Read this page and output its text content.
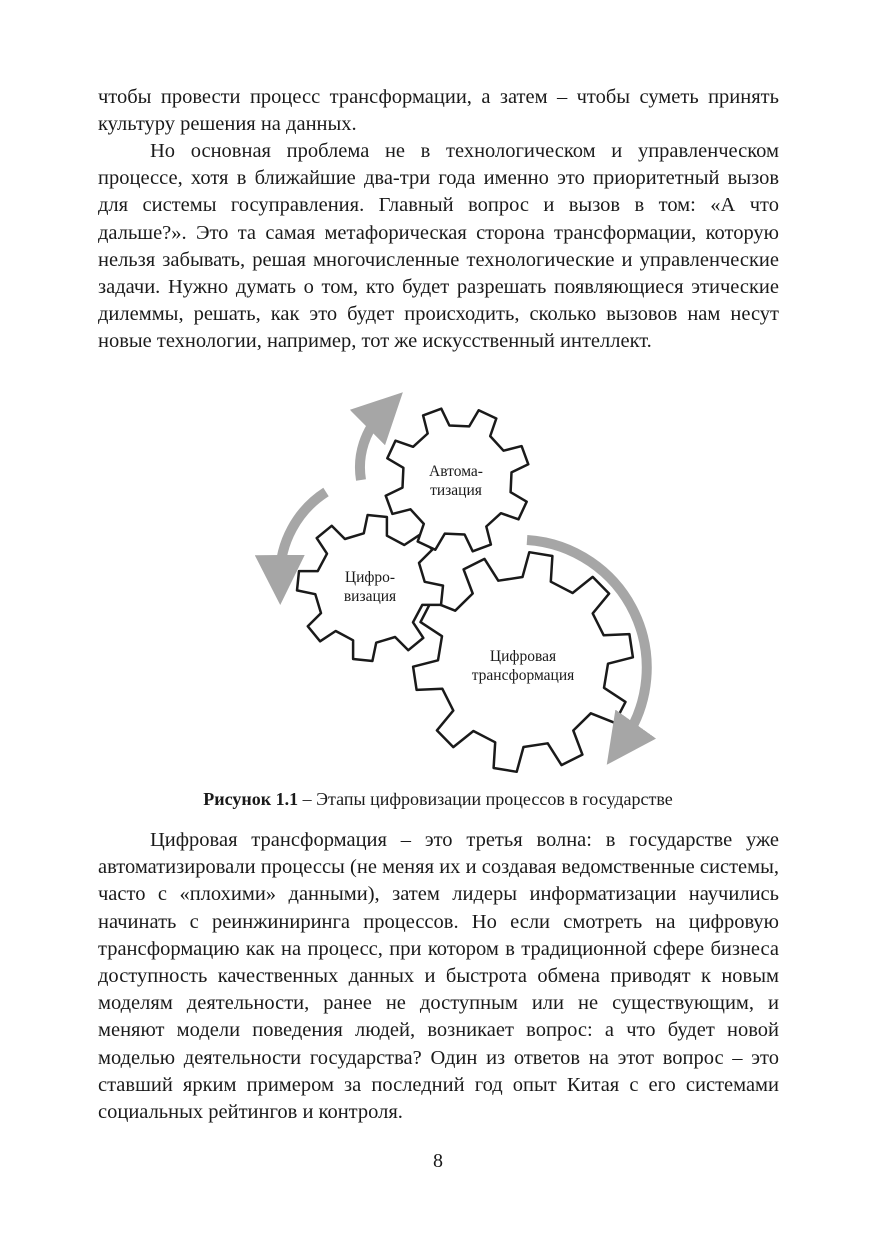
чтобы провести процесс трансформации, а затем – чтобы суметь принять культуру решения на данных.

Но основная проблема не в технологическом и управленческом процессе, хотя в ближайшие два-три года именно это приоритетный вызов для системы госуправления. Главный вопрос и вызов в том: «А что дальше?». Это та самая метафорическая сторона трансформации, которую нельзя забывать, решая многочисленные технологические и управленческие задачи. Нужно думать о том, кто будет разрешать появляющиеся этические дилеммы, решать, как это будет происходить, сколько вызовов нам несут новые технологии, например, тот же искусственный интеллект.

Автома-
тизация
Цифро-
визация
Цифровая
трансформация
Рисунок 1.1 – Этапы цифровизации процессов в государстве

Цифровая трансформация – это третья волна: в государстве уже автоматизировали процессы (не меняя их и создавая ведомственные системы, часто с «плохими» данными), затем лидеры информатизации научились начинать с реинжиниринга процессов. Но если смотреть на цифровую трансформацию как на процесс, при котором в традиционной сфере бизнеса доступность качественных данных и быстрота обмена приводят к новым моделям деятельности, ранее не доступным или не существующим, и меняют модели поведения людей, возникает вопрос: а что будет новой моделью деятельности государства? Один из ответов на этот вопрос – это ставший ярким примером за последний год опыт Китая с его системами социальных рейтингов и контроля.

8
